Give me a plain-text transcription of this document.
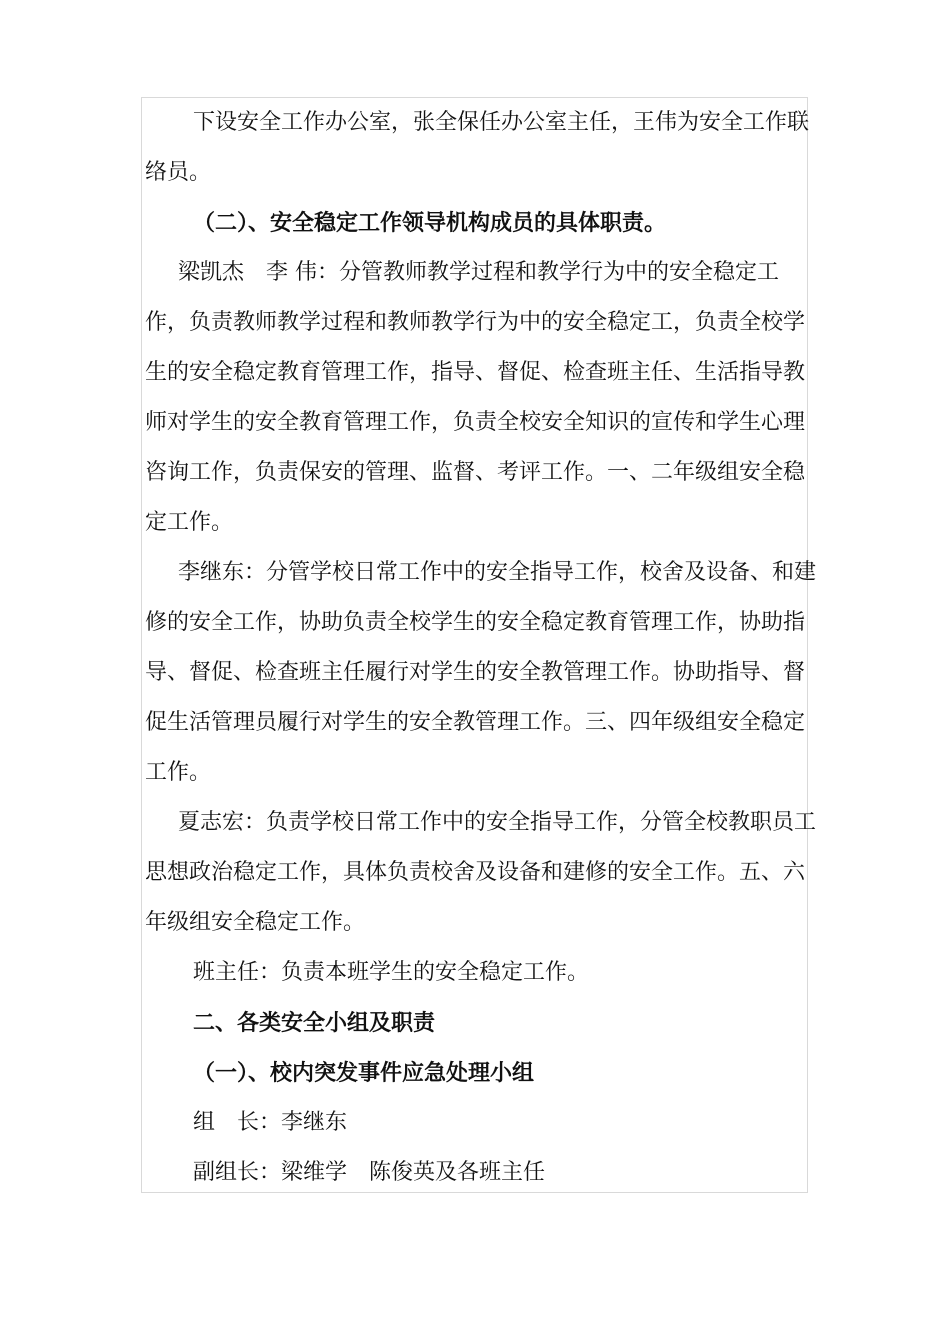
下设安全工作办公室，张全保任办公室主任，王伟为安全工作联络员。

（二）、安全稳定工作领导机构成员的具体职责。

梁凯杰　李 伟：分管教师教学过程和教学行为中的安全稳定工作，负责教师教学过程和教师教学行为中的安全稳定工，负责全校学生的安全稳定教育管理工作，指导、督促、检查班主任、生活指导教师对学生的安全教育管理工作，负责全校安全知识的宣传和学生心理咨询工作，负责保安的管理、监督、考评工作。一、二年级组安全稳定工作。

李继东：分管学校日常工作中的安全指导工作，校舍及设备、和建修的安全工作，协助负责全校学生的安全稳定教育管理工作，协助指导、督促、检查班主任履行对学生的安全教管理工作。协助指导、督促生活管理员履行对学生的安全教管理工作。三、四年级组安全稳定工作。

夏志宏：负责学校日常工作中的安全指导工作，分管全校教职员工思想政治稳定工作，具体负责校舍及设备和建修的安全工作。五、六年级组安全稳定工作。

班主任：负责本班学生的安全稳定工作。

二、各类安全小组及职责

（一）、校内突发事件应急处理小组

组　长：李继东

副组长：梁维学　陈俊英及各班主任
